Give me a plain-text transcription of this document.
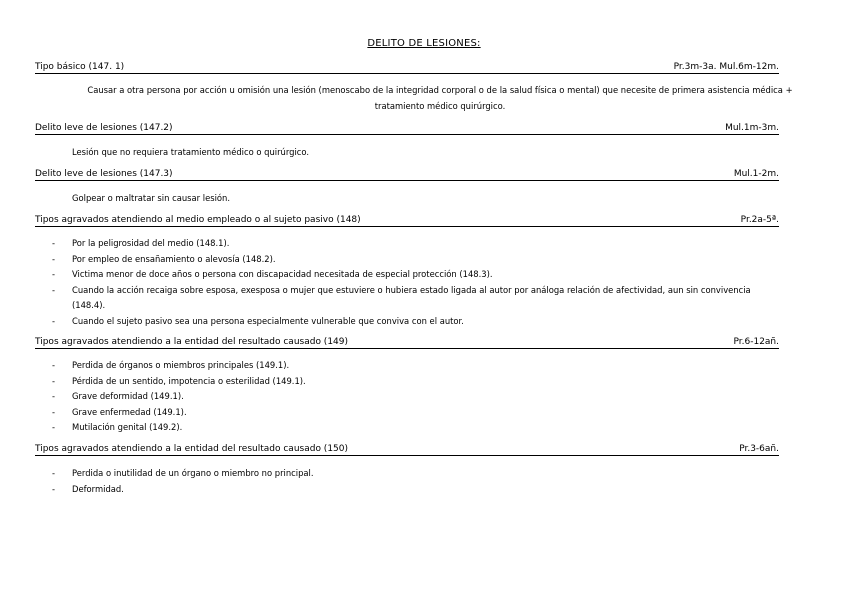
DELITO DE LESIONES:
Tipo básico (147. 1)	Pr.3m-3a. Mul.6m-12m.
Causar a otra persona por acción u omisión una lesión (menoscabo de la integridad corporal o de la salud física o mental) que necesite de primera asistencia médica + tratamiento médico quirúrgico.
Delito leve de lesiones (147.2)	Mul.1m-3m.
Lesión que no requiera tratamiento médico o quirúrgico.
Delito leve de lesiones (147.3)	Mul.1-2m.
Golpear o maltratar sin causar lesión.
Tipos agravados atendiendo al medio empleado o al sujeto pasivo (148)	Pr.2a-5ª.
- Por la peligrosidad del medio (148.1).
- Por empleo de ensañamiento o alevosía (148.2).
- Victima menor de doce años o persona con discapacidad necesitada de especial protección (148.3).
- Cuando la acción recaiga sobre esposa, exesposa o mujer que estuviere o hubiera estado ligada al autor por análoga relación de afectividad, aun sin convivencia (148.4).
- Cuando el sujeto pasivo sea una persona especialmente vulnerable que conviva con el autor.
Tipos agravados atendiendo a la entidad del resultado causado (149)	Pr.6-12añ.
- Perdida de órganos o miembros principales (149.1).
- Pérdida de un sentido, impotencia o esterilidad (149.1).
- Grave deformidad (149.1).
- Grave enfermedad (149.1).
- Mutilación genital (149.2).
Tipos agravados atendiendo a la entidad del resultado causado (150)	Pr.3-6añ.
- Perdida o inutilidad de un órgano o miembro no principal.
- Deformidad.
